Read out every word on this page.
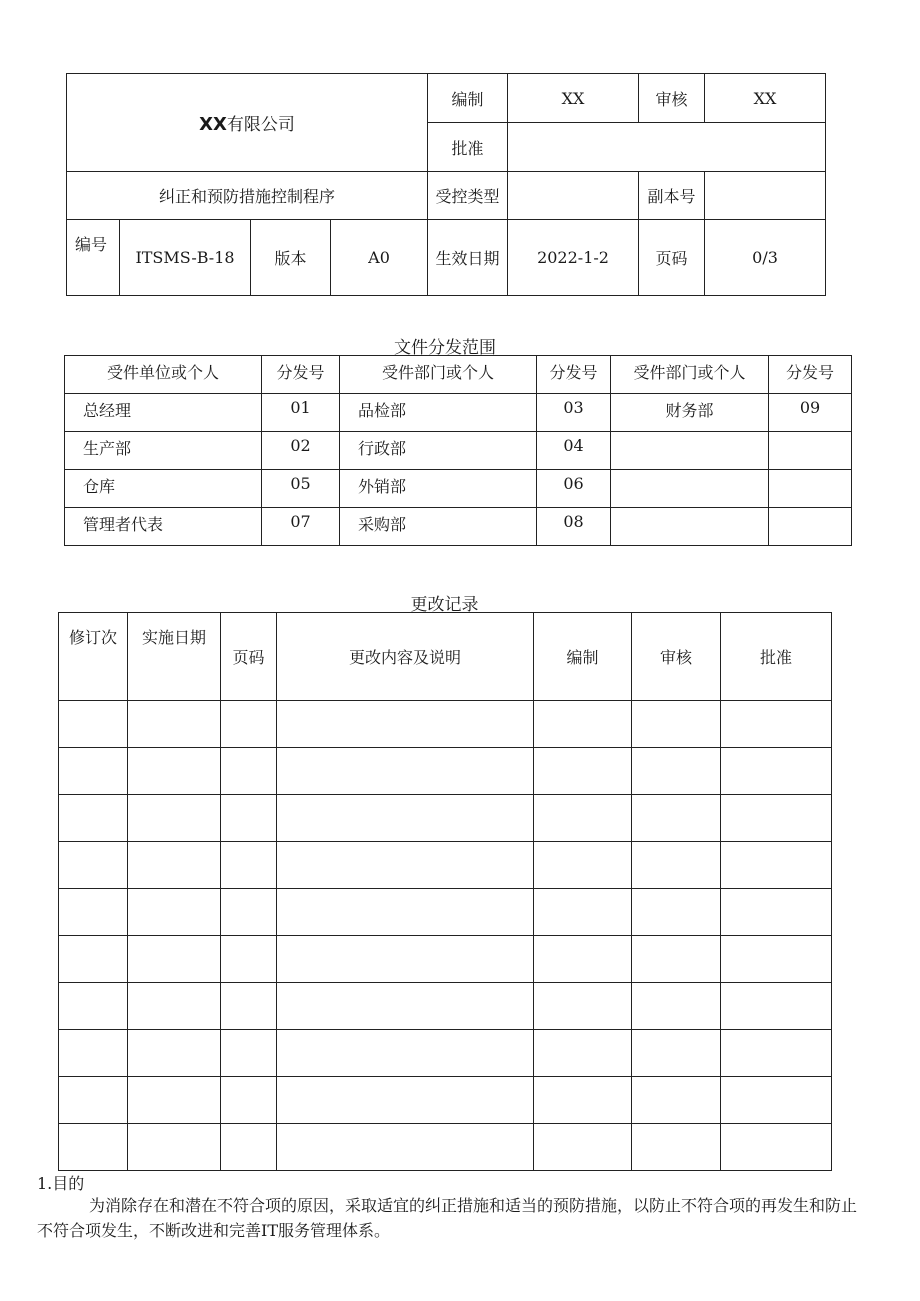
XX有限公司				编制	XX	审核	XX
				批准			
纠正和预防措施控制程序				受控类型		副本号	
编号	ITSMS-B-18	版本	A0	生效日期	2022-1-2	页码	0/3
文件分发范围
受件单位或个人	分发号	受件部门或个人	分发号	受件部门或个人	分发号
总经理	01	品检部	03	财务部	09
生产部	02	行政部	04		
仓库	05	外销部	06		
管理者代表	07	采购部	08		
更改记录
修订次	实施日期	页码	更改内容及说明	编制	审核	批准

1.目的

为消除存在和潜在不符合项的原因，采取适宜的纠正措施和适当的预防措施，以防止不符合项的再发生和防止不符合项发生，不断改进和完善IT服务管理体系。
